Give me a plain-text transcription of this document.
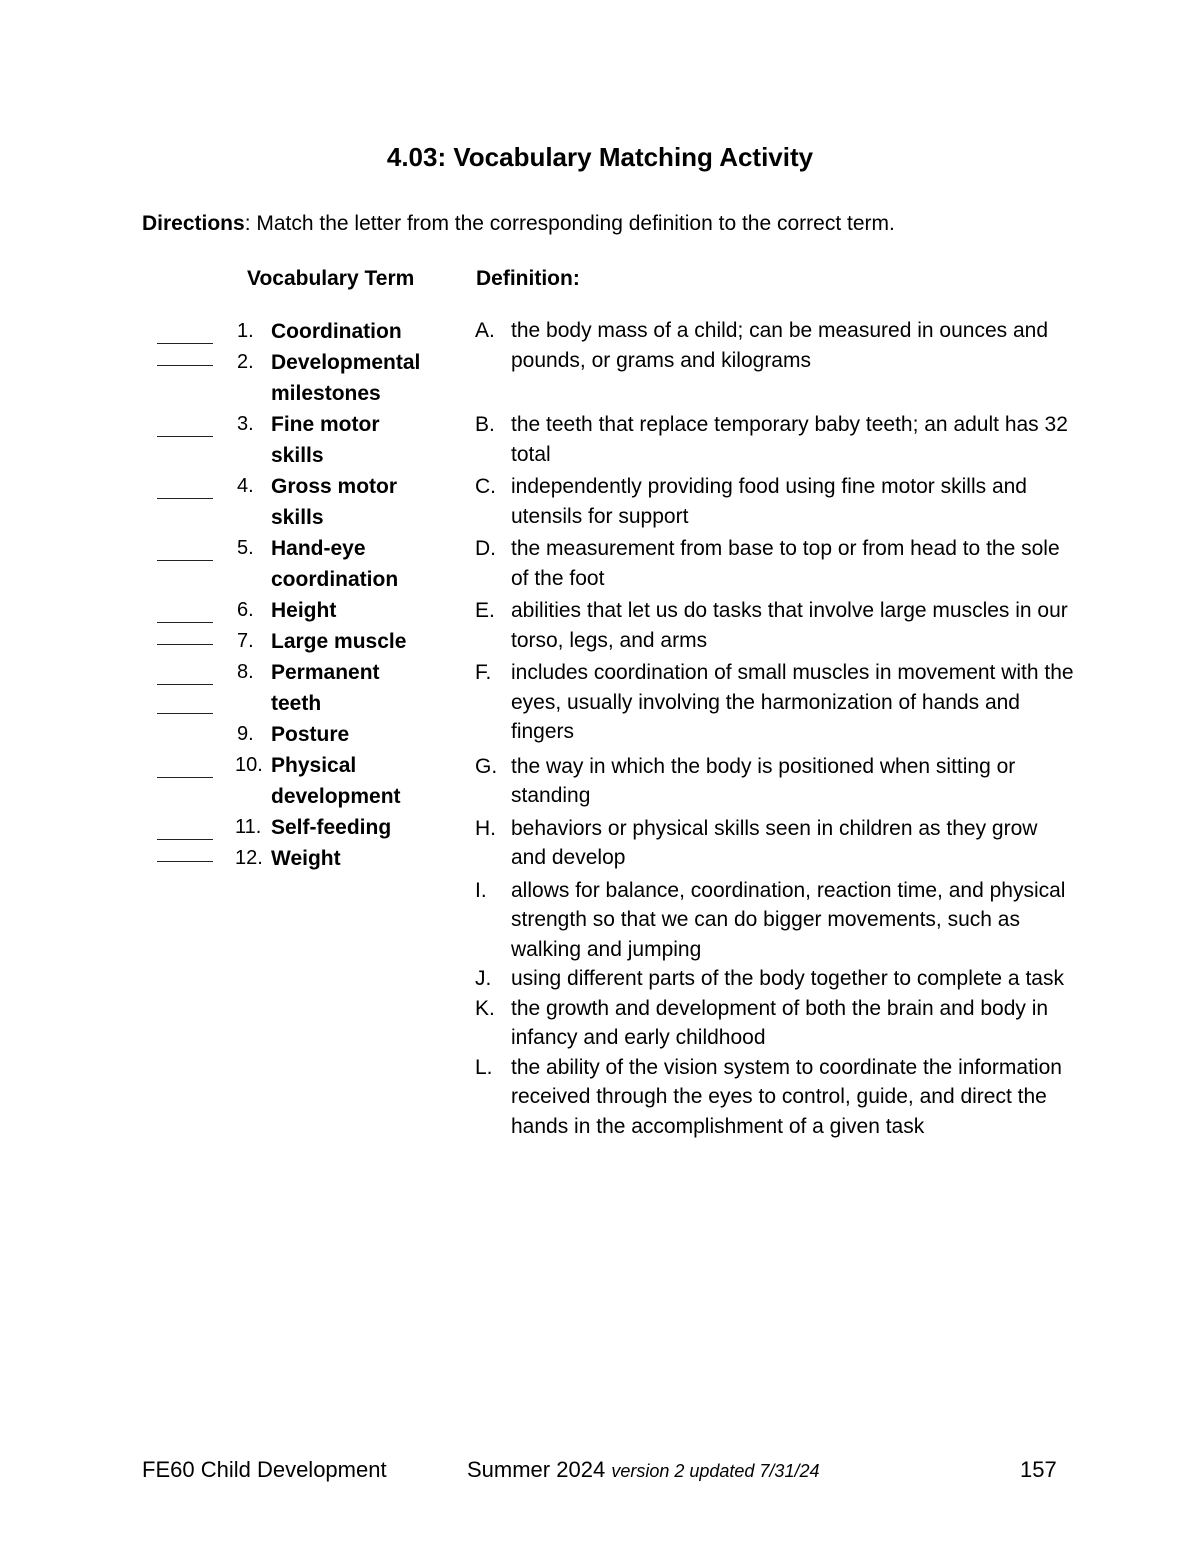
4.03: Vocabulary Matching Activity
Directions: Match the letter from the corresponding definition to the correct term.
Vocabulary Term	Definition:
1. Coordination
2. Developmental milestones
3. Fine motor skills
4. Gross motor skills
5. Hand-eye coordination
6. Height
7. Large muscle
8. Permanent teeth
9. Posture
10. Physical development
11. Self-feeding
12. Weight
A. the body mass of a child; can be measured in ounces and pounds, or grams and kilograms
B. the teeth that replace temporary baby teeth; an adult has 32 total
C. independently providing food using fine motor skills and utensils for support
D. the measurement from base to top or from head to the sole of the foot
E. abilities that let us do tasks that involve large muscles in our torso, legs, and arms
F. includes coordination of small muscles in movement with the eyes, usually involving the harmonization of hands and fingers
G. the way in which the body is positioned when sitting or standing
H. behaviors or physical skills seen in children as they grow and develop
I.	allows for balance, coordination, reaction time, and physical strength so that we can do bigger movements, such as walking and jumping
J. using different parts of the body together to complete a task
K. the growth and development of both the brain and body in infancy and early childhood
L. the ability of the vision system to coordinate the information received through the eyes to control, guide, and direct the hands in the accomplishment of a given task
FE60 Child Development	Summer 2024 version 2 updated 7/31/24	157
